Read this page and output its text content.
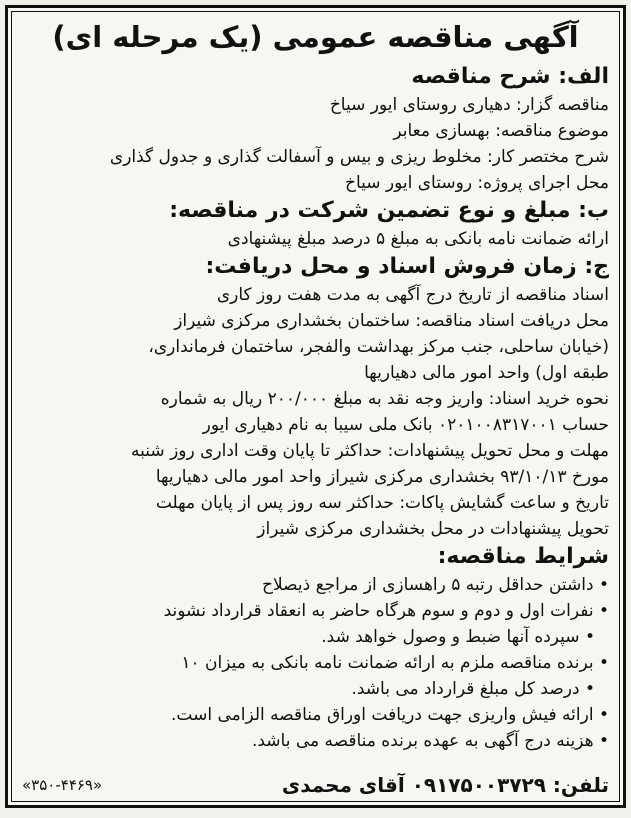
آگهی مناقصه عمومی (یک مرحله ای)
الف: شرح مناقصه
مناقصه گزار: دهیاری روستای ایور سیاخ
موضوع مناقصه: بهسازی معابر
شرح مختصر کار: مخلوط ریزی و بیس و آسفالت گذاری و جدول گذاری
محل اجرای پروژه: روستای ایور سیاخ
ب: مبلغ و نوع تضمین شرکت در مناقصه:
ارائه ضمانت نامه بانکی به مبلغ ۵ درصد مبلغ پیشنهادی
ج: زمان فروش اسناد و محل دریافت:
اسناد مناقصه از تاریخ درج آگهی به مدت هفت روز کاری
محل دریافت اسناد مناقصه: ساختمان بخشداری مرکزی شیراز
(خیابان ساحلی، جنب مرکز بهداشت والفجر، ساختمان فرمانداری،
طبقه اول) واحد امور مالی دهیاریها
نحوه خرید اسناد: واریز وجه نقد به مبلغ ۲۰۰/۰۰۰ ریال به شماره
حساب ۰۲۰۱۰۰۸۳۱۷۰۰۱ بانک ملی سیبا به نام دهیاری ایور
مهلت و محل تحویل پیشنهادات: حداکثر تا پایان وقت اداری روز شنبه
مورخ ۹۳/۱۰/۱۳ بخشداری مرکزی شیراز واحد امور مالی دهیاریها
تاریخ و ساعت گشایش پاکات: حداکثر سه روز پس از پایان مهلت
تحویل پیشنهادات در محل بخشداری مرکزی شیراز
شرایط مناقصه:
• داشتن حداقل رتبه ۵ راهسازی از مراجع ذیصلاح
• نفرات اول و دوم و سوم هرگاه حاضر به انعقاد قرارداد نشوند
• سپرده آنها ضبط و وصول خواهد شد.
• برنده مناقصه ملزم به ارائه ضمانت نامه بانکی به میزان ۱۰
• درصد کل مبلغ قرارداد می باشد.
• ارائه فیش واریزی جهت دریافت اوراق مناقصه الزامی است.
• هزینه درج آگهی به عهده برنده مناقصه می باشد.
تلفن: ۰۹۱۷۵۰۰۳۷۲۹ آقای محمدی
«۳۵۰-۴۴۶۹»
